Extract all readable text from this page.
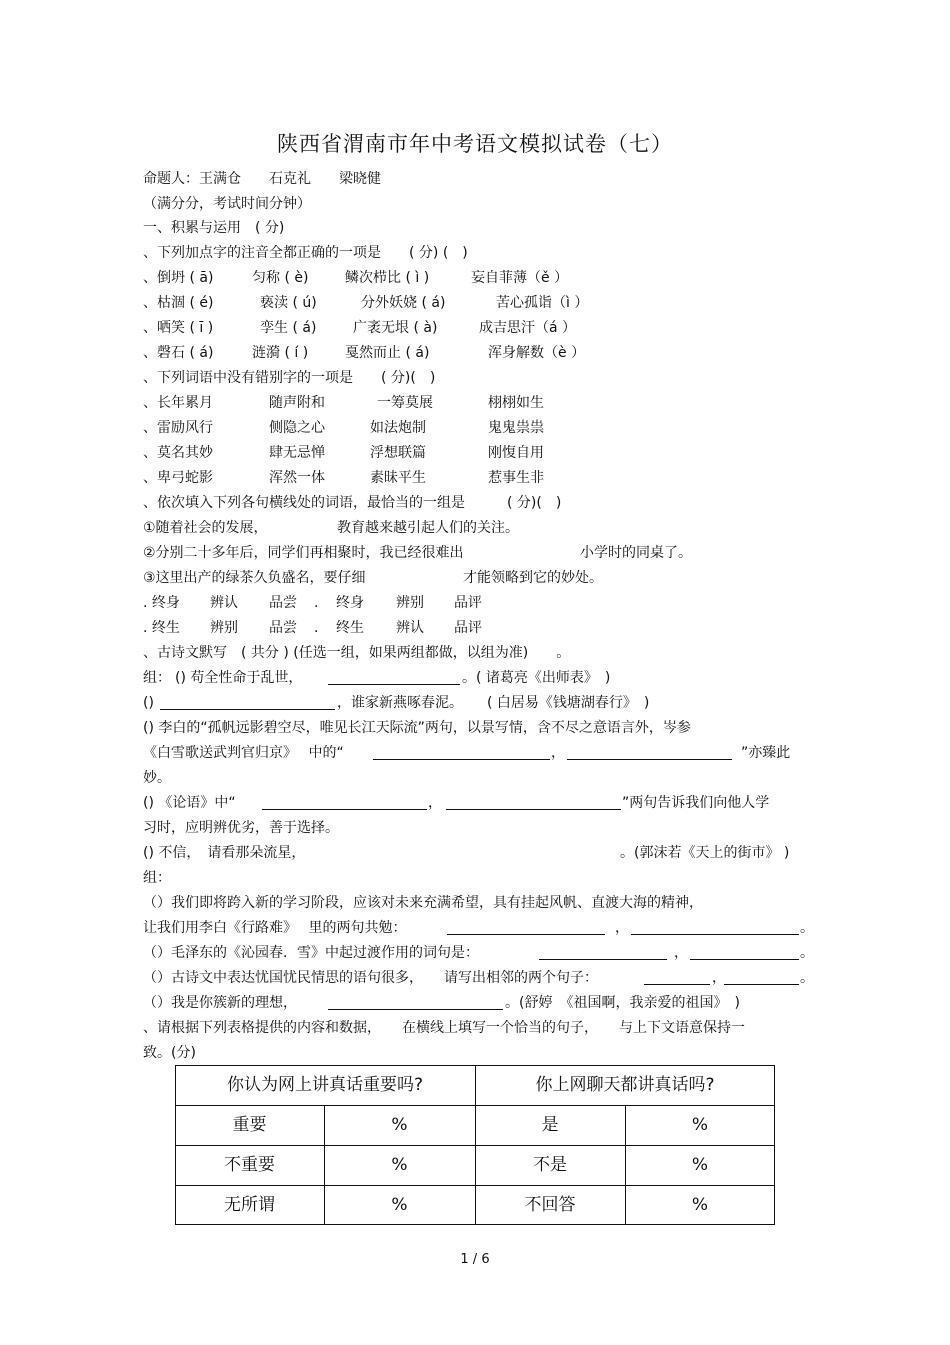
陕西省渭南市年中考语文模拟试卷（七）
命题人：王满仓　　石克礼　　梁晓健
（满分分，考试时间分钟）
一、积累与运用　( 分)
、下列加点字的注音全都正确的一项是　　( 分) (　)
、倒坍 ( ā)	匀称 ( è)	鳞次栉比 ( ì )	妄自菲薄（ě ）
、枯涸 ( é)	亵渎 ( ú)	分外妖娆 ( á)	苦心孤诣（ì ）
、哂笑 ( ī )	孪生 ( á)	广袤无垠 ( à)	成吉思汗（á ）
、磬石 ( á)	涟漪 ( í )	戛然而止 ( á)	浑身解数（è ）
、下列词语中没有错别字的一项是　　( 分)(　)
、长年累月	随声附和	一筹莫展	栩栩如生
、雷励风行	侧隐之心	如法炮制	鬼鬼祟祟
、莫名其妙	肆无忌惮	浮想联篇	刚愎自用
、卑弓蛇影	浑然一体	素昧平生	惹事生非
、依次填入下列各句横线处的词语，最恰当的一组是　　　( 分)(　)
①随着社会的发展，	教育越来越引起人们的关注。
②分别二十多年后，同学们再相聚时，我已经很难出	小学时的同桌了。
③这里出产的绿茶久负盛名，要仔细	才能领略到它的妙处。
. 终身 辨认 品尝 . 终身 辨别 品评
. 终生 辨别 品尝 . 终生 辨认 品评
、古诗文默写　( 共分 ) (任选一组，如果两组都做，以组为准)　　。
组： () 苟全性命于乱世，	。( 诸葛亮《出师表》　)
()	，谁家新燕啄春泥。 ( 白居易《钱塘湖春行》　)
() 李白的“孤帆远影碧空尽，唯见长江天际流”两句，以景写情，含不尽之意语言外，岑参
《白雪歌送武判官归京》　 中的“	，	”亦臻此
妙。
() 《论语》中“	，	”两句告诉我们向他人学
习时，应明辨优劣，善于选择。
() 不信，　请看那朵流星，	。(郭沫若《天上的街市》 )
组：
（）我们即将跨入新的学习阶段，应该对未来充满希望，具有挂起风帆、直渡大海的精神，
让我们用李白《行路难》　 里的两句共勉：	，	。
（）毛泽东的《沁园春．雪》中起过渡作用的词句是：	，	。
（）古诗文中表达忧国忧民情思的语句很多，　　请写出相邻的两个句子：	，	。
（）我是你簇新的理想，	。(舒婷　《祖国啊，我亲爱的祖国》　)
、请根据下列表格提供的内容和数据，　　在横线上填写一个恰当的句子，　　与上下文语意保持一
致。(分)
你认为网上讲真话重要吗?	你上网聊天都讲真话吗?
重要	%	是	%
不重要	%	不是	%
无所谓	%	不回答	%
1 / 6
